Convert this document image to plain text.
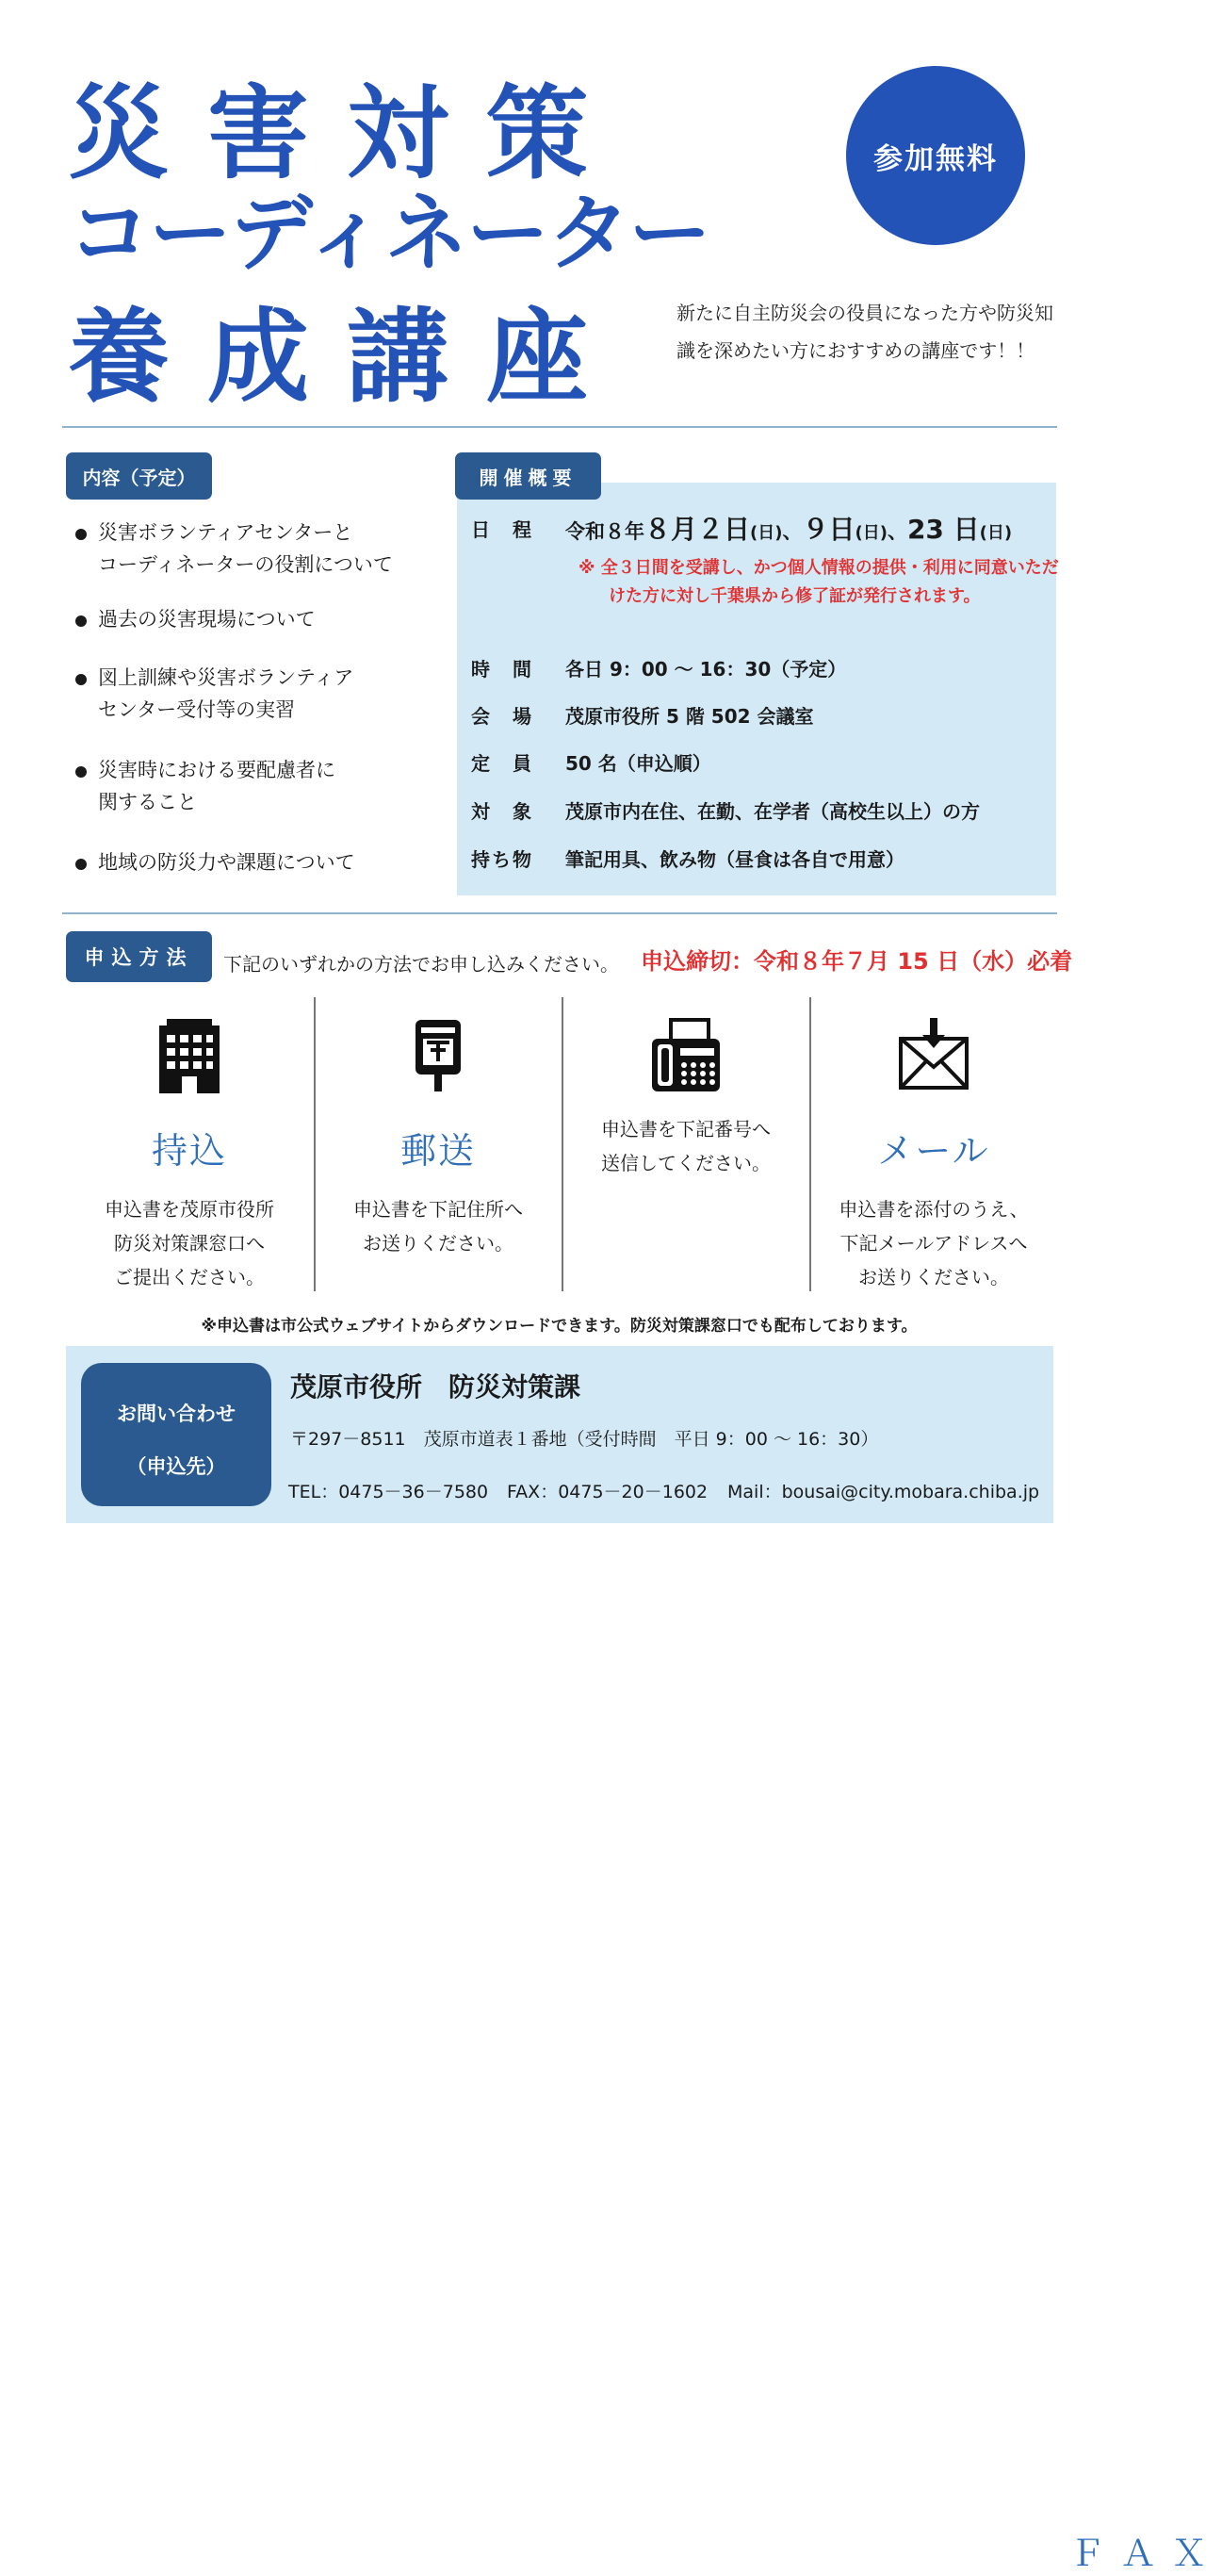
災害対策
コーディネーター
養成講座
参加無料
新たに自主防災会の役員になった方や防災知識を深めたい方におすすめの講座です！！
内容（予定）
災害ボランティアセンターと
コーディネーターの役割について
過去の災害現場について
図上訓練や災害ボランティア
センター受付等の実習
災害時における要配慮者に
関すること
地域の防災力や課題について
開催概要
日　程	令和８年８月２日(日)、９日(日)、23 日(日)
※ 全３日間を受講し、かつ個人情報の提供・利用に同意いただけた方に対し千葉県から修了証が発行されます。
時　間	各日 9：00 ～ 16：30（予定）
会　場	茂原市役所 5 階 502 会議室
定　員	50 名（申込順）
対　象	茂原市内在住、在勤、在学者（高校生以上）の方
持ち物	筆記用具、飲み物（昼食は各自で用意）
申込方法	下記のいずれかの方法でお申し込みください。 申込締切：令和８年７月 15 日（水）必着
持込
申込書を茂原市役所
防災対策課窓口へ
ご提出ください。
郵送
申込書を下記住所へ
お送りください。
ＦＡＸ
申込書を下記番号へ
送信してください。	メール
申込書を添付のうえ、
下記メールアドレスへ
お送りください。
※申込書は市公式ウェブサイトからダウンロードできます。防災対策課窓口でも配布しております。
お問い合わせ
（申込先）
茂原市役所　防災対策課
〒297－8511　茂原市道表１番地（受付時間　平日 9：00 ～ 16：30）
TEL：0475－36－7580 FAX：0475－20－1602 Mail：bousai@city.mobara.chiba.jp
